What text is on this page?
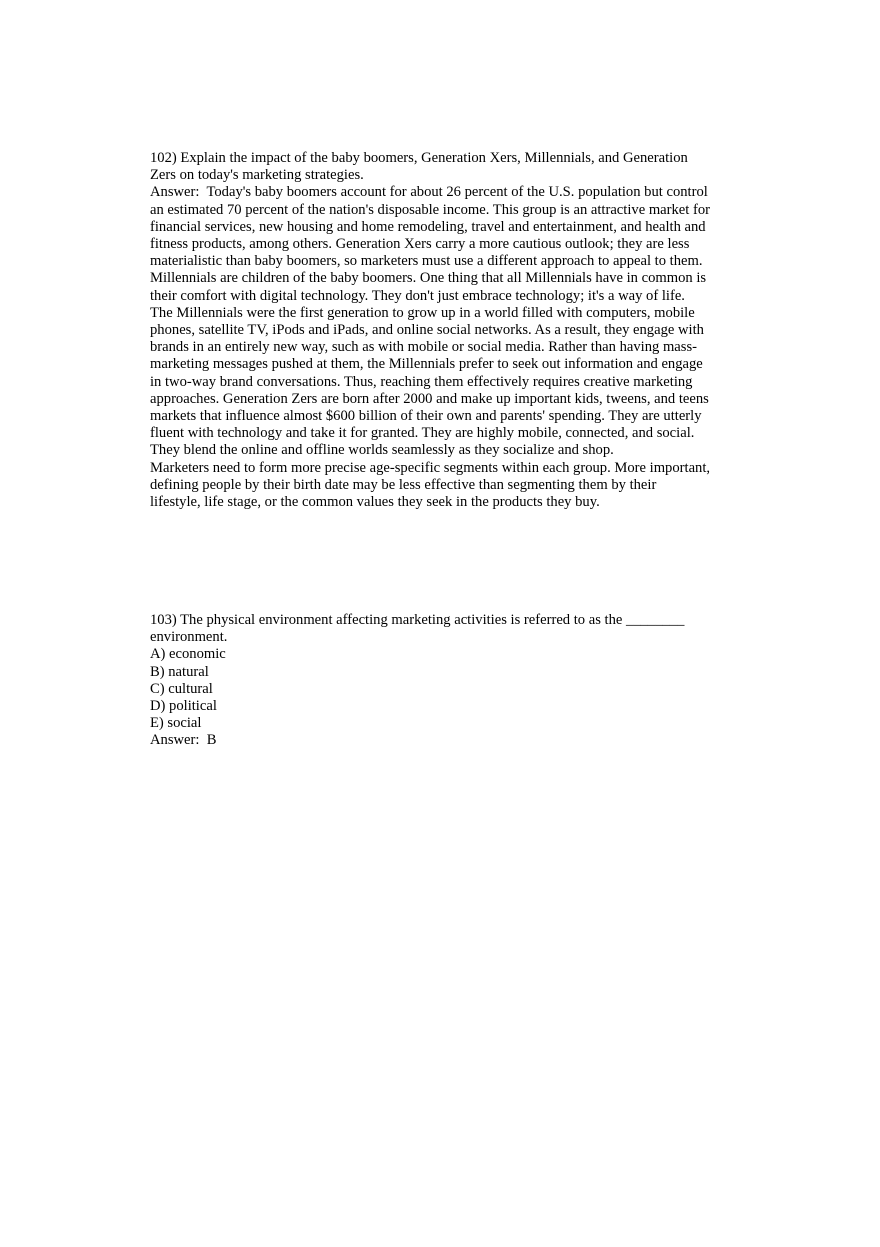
102) Explain the impact of the baby boomers, Generation Xers, Millennials, and Generation
Zers on today's marketing strategies.
Answer:  Today's baby boomers account for about 26 percent of the U.S. population but control
an estimated 70 percent of the nation's disposable income. This group is an attractive market for
financial services, new housing and home remodeling, travel and entertainment, and health and
fitness products, among others. Generation Xers carry a more cautious outlook; they are less
materialistic than baby boomers, so marketers must use a different approach to appeal to them.
Millennials are children of the baby boomers. One thing that all Millennials have in common is
their comfort with digital technology. They don't just embrace technology; it's a way of life.
The Millennials were the first generation to grow up in a world filled with computers, mobile
phones, satellite TV, iPods and iPads, and online social networks. As a result, they engage with
brands in an entirely new way, such as with mobile or social media. Rather than having mass-
marketing messages pushed at them, the Millennials prefer to seek out information and engage
in two-way brand conversations. Thus, reaching them effectively requires creative marketing
approaches. Generation Zers are born after 2000 and make up important kids, tweens, and teens
markets that influence almost $600 billion of their own and parents' spending. They are utterly
fluent with technology and take it for granted. They are highly mobile, connected, and social.
They blend the online and offline worlds seamlessly as they socialize and shop.
Marketers need to form more precise age-specific segments within each group. More important,
defining people by their birth date may be less effective than segmenting them by their
lifestyle, life stage, or the common values they seek in the products they buy.
103) The physical environment affecting marketing activities is referred to as the ________
environment.
A) economic
B) natural
C) cultural
D) political
E) social
Answer:  B
